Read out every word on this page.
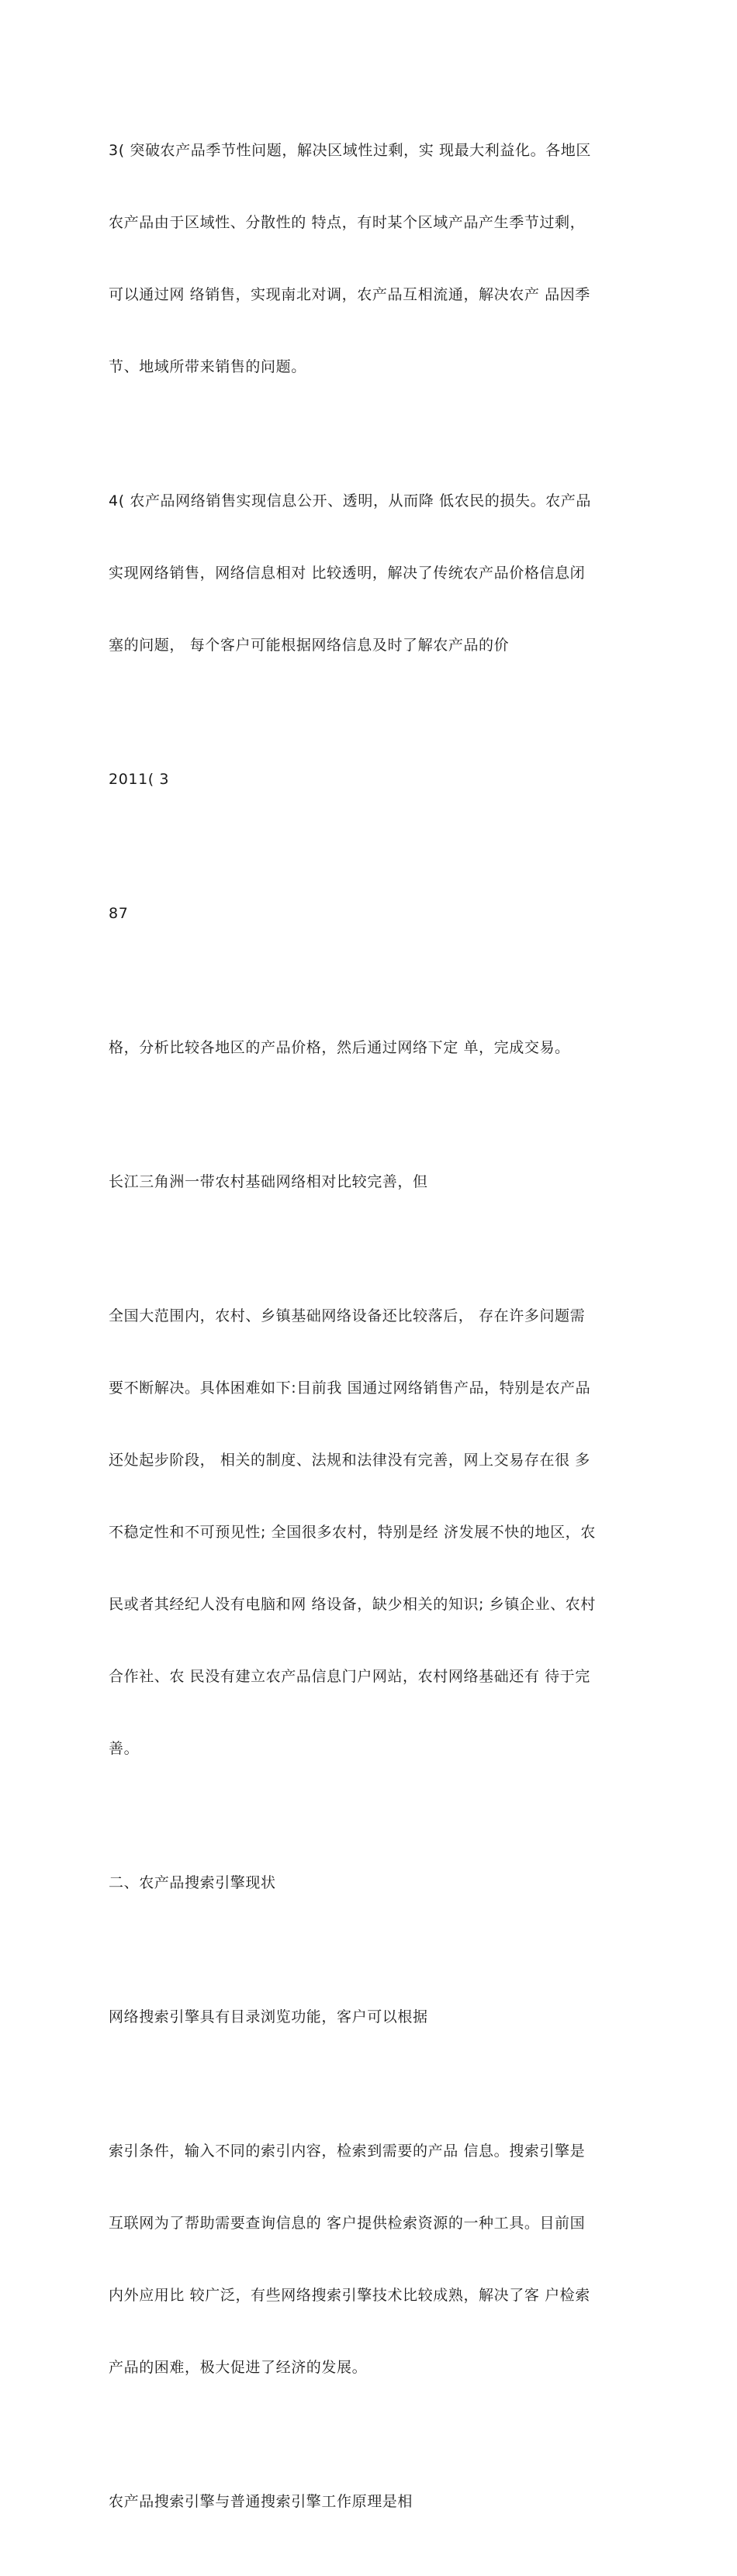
3( 突破农产品季节性问题，解决区域性过剩，实 现最大利益化。各地区

农产品由于区域性、分散性的 特点，有时某个区域产品产生季节过剩，

可以通过网 络销售，实现南北对调，农产品互相流通，解决农产 品因季

节、地域所带来销售的问题。

4( 农产品网络销售实现信息公开、透明，从而降 低农民的损失。农产品

实现网络销售，网络信息相对 比较透明，解决了传统农产品价格信息闭

塞的问题， 每个客户可能根据网络信息及时了解农产品的价

2011( 3

87

格，分析比较各地区的产品价格，然后通过网络下定 单，完成交易。

长江三角洲一带农村基础网络相对比较完善，但

全国大范围内，农村、乡镇基础网络设备还比较落后， 存在许多问题需

要不断解决。具体困难如下:目前我 国通过网络销售产品，特别是农产品

还处起步阶段， 相关的制度、法规和法律没有完善，网上交易存在很 多

不稳定性和不可预见性; 全国很多农村，特别是经 济发展不快的地区，农

民或者其经纪人没有电脑和网 络设备，缺少相关的知识; 乡镇企业、农村

合作社、农 民没有建立农产品信息门户网站，农村网络基础还有 待于完

善。

二、农产品搜索引擎现状

网络搜索引擎具有目录浏览功能，客户可以根据

索引条件，输入不同的索引内容，检索到需要的产品 信息。搜索引擎是

互联网为了帮助需要查询信息的 客户提供检索资源的一种工具。目前国

内外应用比 较广泛，有些网络搜索引擎技术比较成熟，解决了客 户检索

产品的困难，极大促进了经济的发展。

农产品搜索引擎与普通搜索引擎工作原理是相
